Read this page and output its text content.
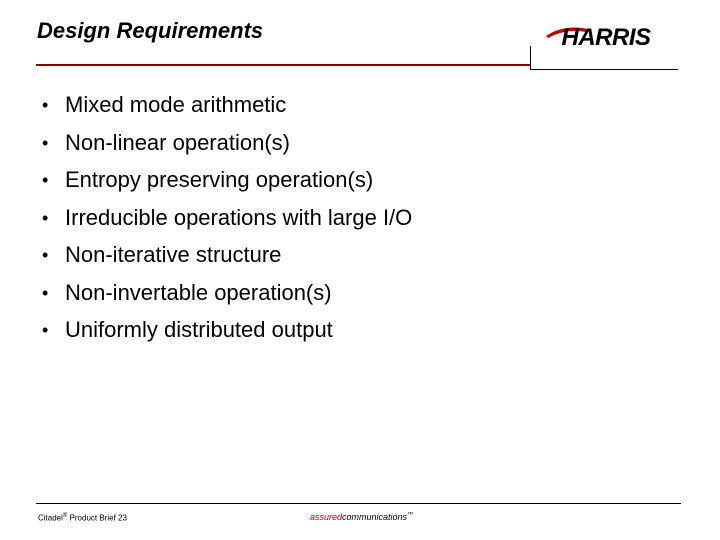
Design Requirements	HARRIS
• Mixed mode arithmetic
• Non-linear operation(s)
• Entropy preserving operation(s)
• Irreducible operations with large I/O
• Non-iterative structure
• Non-invertable operation(s)
• Uniformly distributed output
Citadel® Product Brief 23	assuredcommunications™
